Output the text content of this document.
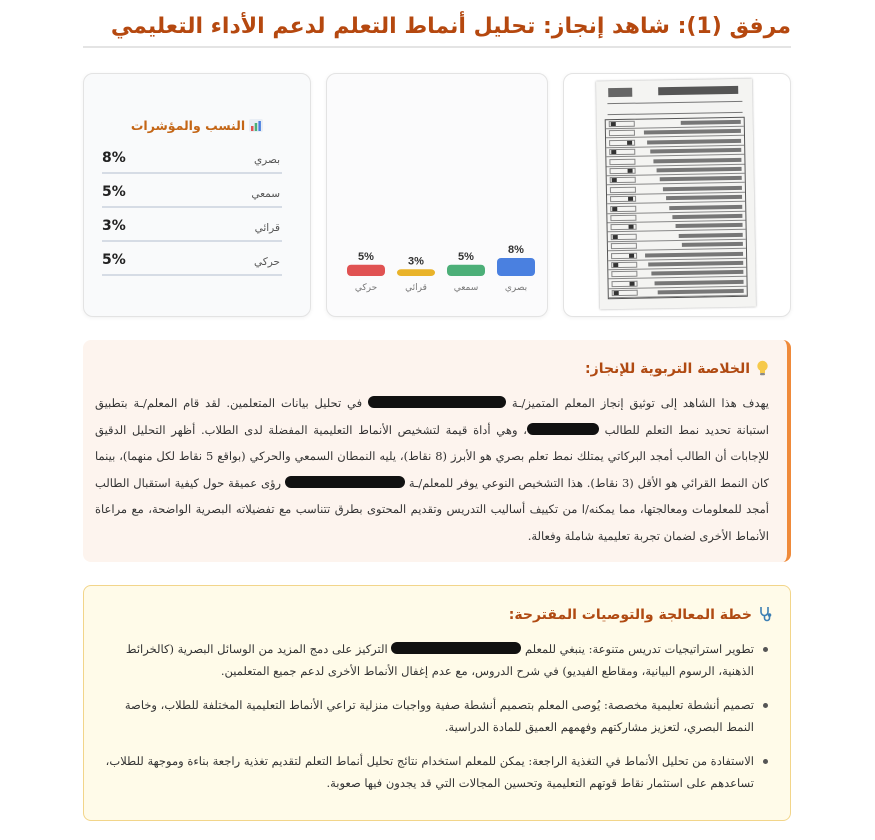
مرفق (1): شاهد إنجاز: تحليل أنماط التعلم لدعم الأداء التعليمي
8%
بصري
5%
سمعي
3%
قرائي
5%
حركي
النسب والمؤشرات
بصري
8%
سمعي
5%
قرائي
3%
حركي
5%
الخلاصة التربوية للإنجاز:
يهدف هذا الشاهد إلى توثيق إنجاز المعلم المتميز/ـة  في تحليل بيانات المتعلمين. لقد قام المعلم/ـة بتطبيق استبانة تحديد نمط التعلم للطالب ، وهي أداة قيمة لتشخيص الأنماط التعليمية المفضلة لدى الطلاب. أظهر التحليل الدقيق للإجابات أن الطالب أمجد البركاتي يمتلك نمط تعلم بصري هو الأبرز (8 نقاط)، يليه النمطان السمعي والحركي (بواقع 5 نقاط لكل منهما)، بينما كان النمط القرائي هو الأقل (3 نقاط). هذا التشخيص النوعي يوفر للمعلم/ـة  رؤى عميقة حول كيفية استقبال الطالب أمجد للمعلومات ومعالجتها، مما يمكنه/ا من تكييف أساليب التدريس وتقديم المحتوى بطرق تتناسب مع تفضيلاته البصرية الواضحة، مع مراعاة الأنماط الأخرى لضمان تجربة تعليمية شاملة وفعالة.
خطة المعالجة والتوصيات المقترحة:
تطوير استراتيجيات تدريس متنوعة: ينبغي للمعلم  التركيز على دمج المزيد من الوسائل البصرية (كالخرائط الذهنية، الرسوم البيانية، ومقاطع الفيديو) في شرح الدروس، مع عدم إغفال الأنماط الأخرى لدعم جميع المتعلمين.
تصميم أنشطة تعليمية مخصصة: يُوصى المعلم بتصميم أنشطة صفية وواجبات منزلية تراعي الأنماط التعليمية المختلفة للطلاب، وخاصة النمط البصري، لتعزيز مشاركتهم وفهمهم العميق للمادة الدراسية.
الاستفادة من تحليل الأنماط في التغذية الراجعة: يمكن للمعلم استخدام نتائج تحليل أنماط التعلم لتقديم تغذية راجعة بناءة وموجهة للطلاب، تساعدهم على استثمار نقاط قوتهم التعليمية وتحسين المجالات التي قد يجدون فيها صعوبة.
